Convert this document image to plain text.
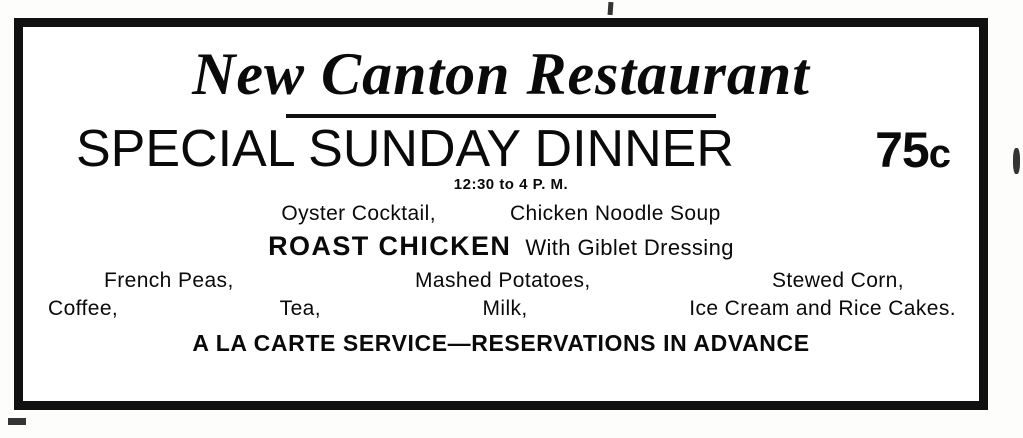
New Canton Restaurant
SPECIAL SUNDAY DINNER	75c
12:30 to 4 P. M.
Oyster Cocktail,	Chicken Noodle Soup
ROAST CHICKEN With Giblet Dressing
French Peas,	Mashed Potatoes,	Stewed Corn,
Coffee,	Tea,	Milk,	Ice Cream and Rice Cakes.
A LA CARTE SERVICE—RESERVATIONS IN ADVANCE
